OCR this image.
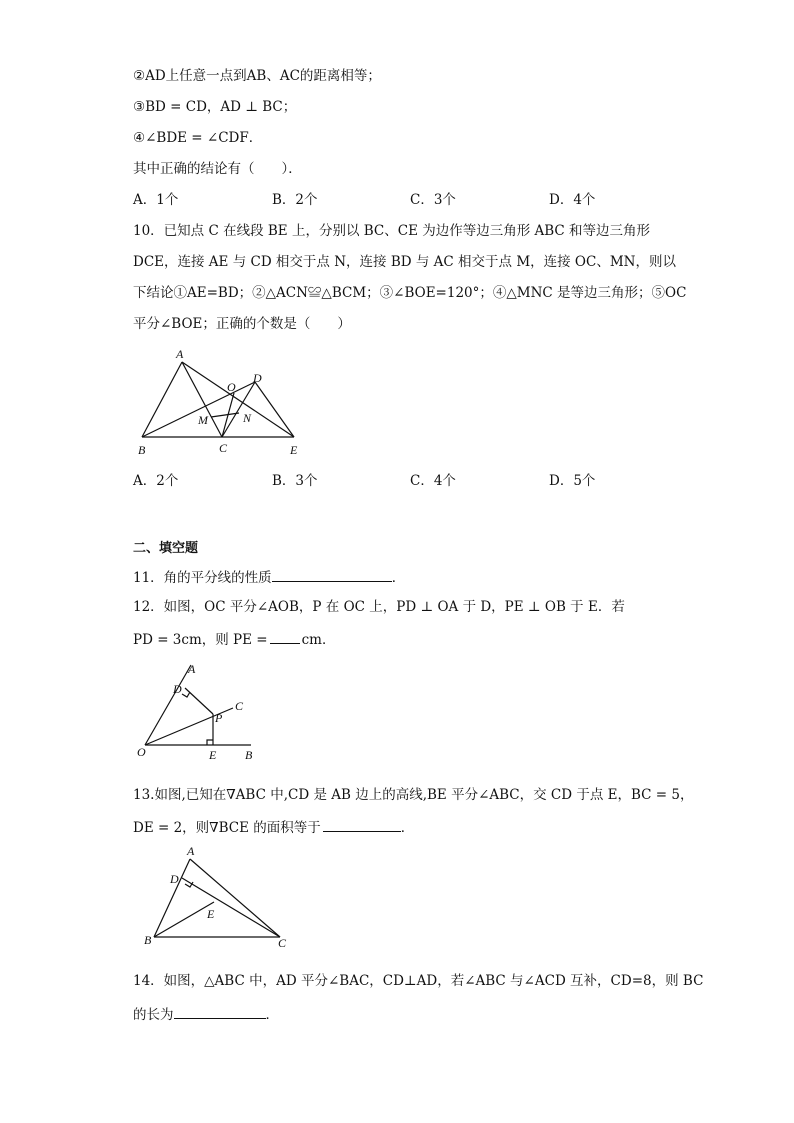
②AD上任意一点到AB、AC的距离相等；
③BD = CD，AD ⊥ BC；
④∠BDE = ∠CDF．
其中正确的结论有（　　）．
A．1个	B．2个	C．3个	D．4个
10．已知点 C 在线段 BE 上，分别以 BC、CE 为边作等边三角形 ABC 和等边三角形
DCE，连接 AE 与 CD 相交于点 N，连接 BD 与 AC 相交于点 M，连接 OC、MN，则以
下结论①AE=BD；②△ACN≌△BCM；③∠BOE=120°；④△MNC 是等边三角形；⑤OC
平分∠BOE；正确的个数是（　　）
A
O
D
M	N
B	C	E
A．2个	B．3个	C．4个	D．5个
二、填空题
11．角的平分线的性质	．
12．如图，OC 平分∠AOB，P 在 OC 上，PD ⊥ OA 于 D，PE ⊥ OB 于 E．若
PD = 3cm，则 PE =	cm．
A
D
C
P
O	E B
13.如图,已知在∇ABC 中,CD 是 AB 边上的高线,BE 平分∠ABC，交 CD 于点 E，BC = 5，
DE = 2，则∇BCE 的面积等于	．
A
D
E
B	C
14．如图，△ABC 中，AD 平分∠BAC，CD⊥AD，若∠ABC 与∠ACD 互补，CD=8，则 BC
的长为	．
